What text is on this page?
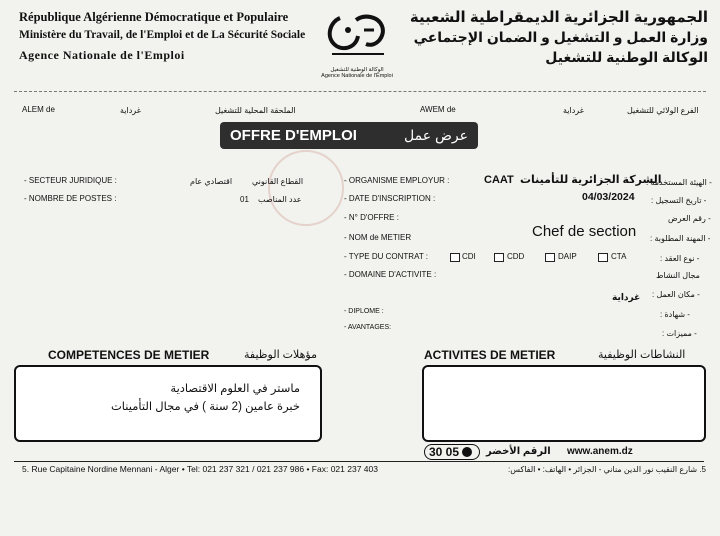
République Algérienne Démocratique et Populaire
Ministère du Travail, de l'Emploi et de La Sécurité Sociale
Agence Nationale de l'Emploi
الوكالة الوطنية للتشغيل
Agence Nationale de l'Emploi
الجمهورية الجزائرية الديمقراطية الشعبية
وزارة العمل و التشغيل و الضمان الإجتماعي
الوكالة الوطنية للتشغيل
ALEM de	غرداية	الملحقة المحلية للتشغيل	AWEM de	غرداية	الفرع الولائي للتشغيل
OFFRE D'EMPLOI	عرض عمل
- SECTEUR JURIDIQUE :	اقتصادي عام القطاع القانوني
- NOMBRE DE POSTES :	01 عدد المناصب
- ORGANISME EMPLOYUR :	CAAT الشركة الجزائرية للتأمينات
- الهيئة المستخدمة :
- DATE D'INSCRIPTION :	04/03/2024 - تاريخ التسجيل :
- N° D'OFFRE :	- رقم العرض
- NOM de METIER	Chef de section - المهنة المطلوبة :
- TYPE DU CONTRAT :	CDI	CDD	DAIP	CTA	- نوع العقد :
- DOMAINE D'ACTIVITE :	مجال النشاط
غرداية - مكان العمل :
- DIPLOME :	- شهادة :
- AVANTAGES:
- مميزات :
COMPETENCES DE METIER	مؤهلات الوظيفة
ماستر في العلوم الاقتصادية
خبرة عامين (2 سنة ) في مجال التأمينات
ACTIVITES DE METIER	النشاطات الوظيفية
30 05	الرقم الأخضر www.anem.dz
5. Rue Capitaine Nordine Mennani - Alger • Tel: 021 237 321 / 021 237 986 • Fax: 021 237 403	5. شارع النقيب نور الدين مناني - الجزائر • الهاتف: • الفاكس:
